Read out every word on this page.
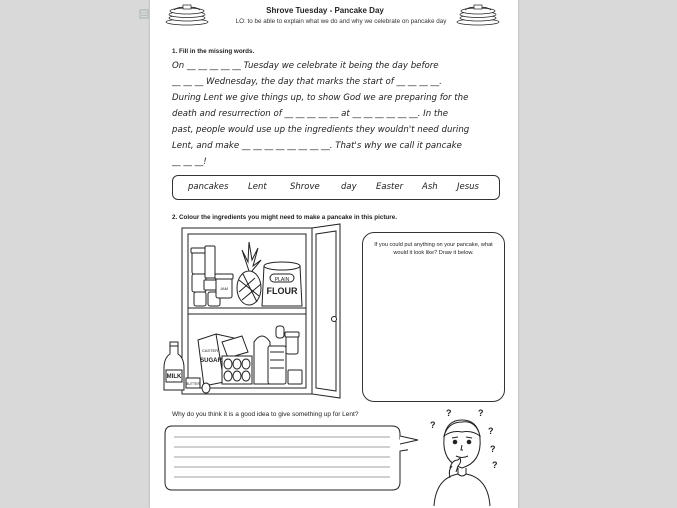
Shrove Tuesday - Pancake Day
LO: to be able to explain what we do and why we celebrate on pancake day
1. Fill in the missing words.
On __ __ __ __ __ Tuesday we celebrate it being the day before
__ __ __ Wednesday, the day that marks the start of __ __ __ __.
During Lent we give things up, to show God we are preparing for the
death and resurrection of __ __ __ __ __ at __ __ __ __ __ __. In the
past, people would use up the ingredients they wouldn't need during
Lent, and make __ __ __ __ __ __ __ __. That's why we call it pancake
__ __ __!
pancakes Lent	Shrove	day Easter Ash Jesus
2. Colour the ingredients you might need to make a pancake in this picture.
PLAIN
FLOUR
CASTER
SUGAR
MILK
JAM
BUTTER
If you could put anything on your pancake, what would it look like? Draw it below.
Why do you think it is a good idea to give something up for Lent?
?
?	?
?
?
?
